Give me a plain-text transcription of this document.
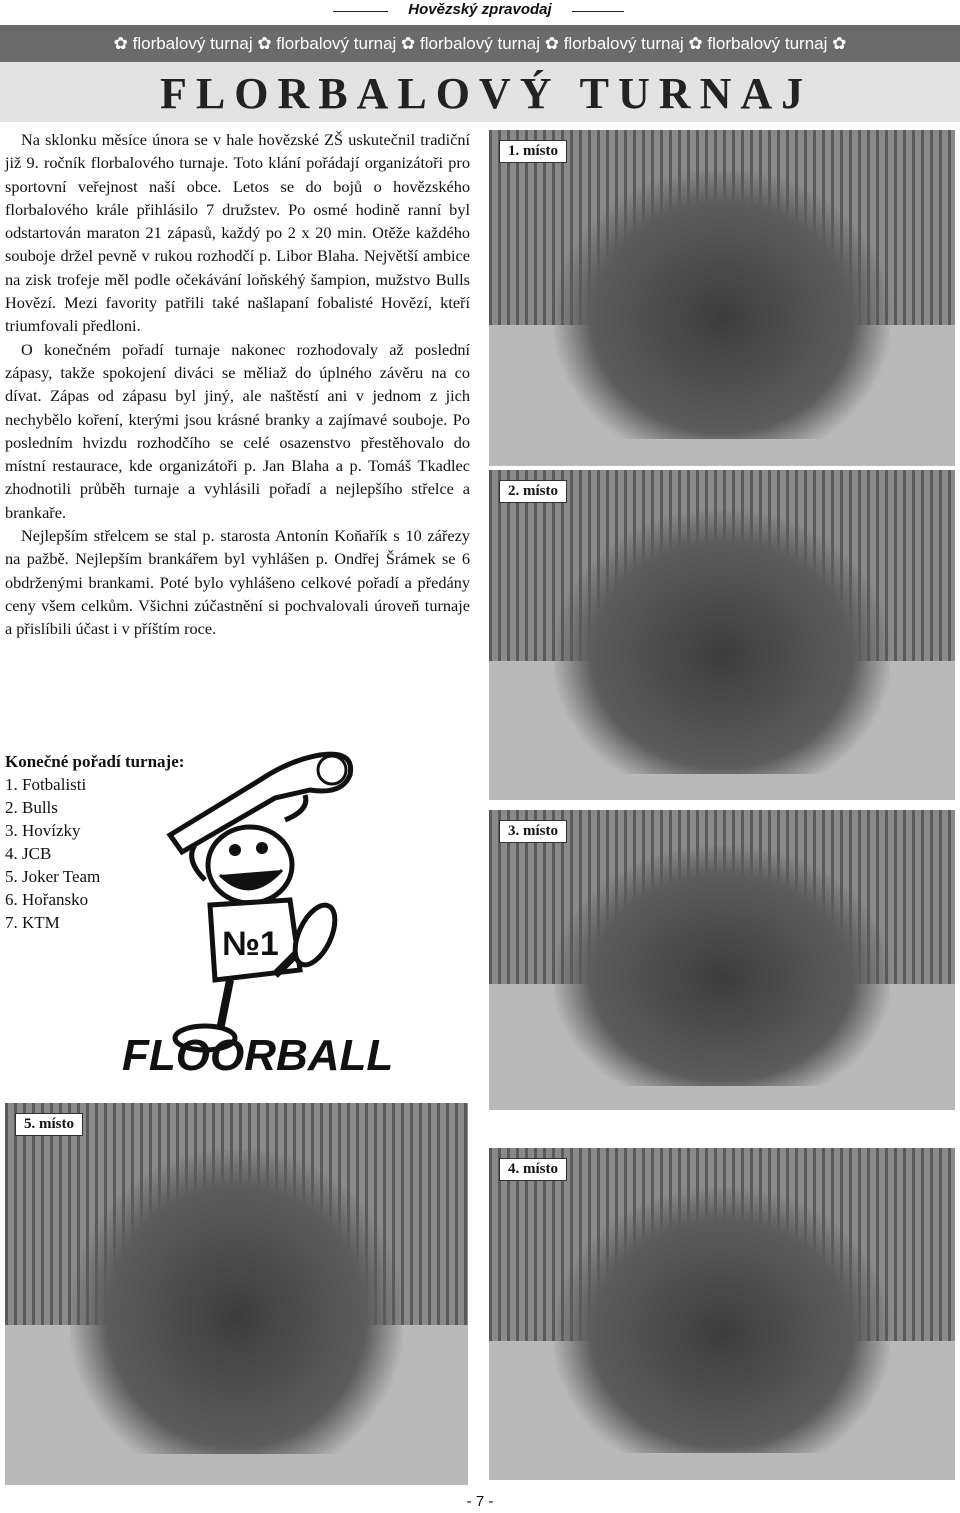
Hovězský zpravodaj
✿ florbalový turnaj ✿ florbalový turnaj ✿ florbalový turnaj ✿ florbalový turnaj ✿ florbalový turnaj ✿
FLORBALOVÝ TURNAJ

Na sklonku měsíce února se v hale hovězské ZŠ uskutečnil tradiční již 9. ročník florbalového turnaje. Toto klání pořádají organizátoři pro sportovní veřejnost naší obce. Letos se do bojů o hovězského florbalového krále přihlásilo 7 družstev. Po osmé hodině ranní byl odstartován maraton 21 zápasů, každý po 2 x 20 min. Otěže každého souboje držel pevně v rukou rozhodčí p. Libor Blaha. Největší ambice na zisk trofeje měl podle očekávání loňskéhý šampion, mužstvo Bulls Hovězí. Mezi favority patřili také našlapaní fobalisté Hovězí, kteří triumfovali předloni.

O konečném pořadí turnaje nakonec rozhodovaly až poslední zápasy, takže spokojení diváci se měliaž do úplného závěru na co dívat. Zápas od zápasu byl jiný, ale naštěstí ani v jednom z jich nechybělo koření, kterými jsou krásné branky a zajímavé souboje. Po posledním hvizdu rozhodčího se celé osazenstvo přestěhovalo do místní restaurace, kde organizátoři p. Jan Blaha a p. Tomáš Tkadlec zhodnotili průběh turnaje a vyhlásili pořadí a nejlepšího střelce a brankaře.

Nejlepším střelcem se stal p. starosta Antonín Koňařík s 10 zářezy na pažbě. Nejlepším brankářem byl vyhlášen p. Ondřej Šrámek se 6 obdrženými brankami. Poté bylo vyhlášeno celkové pořadí a předány ceny všem celkům. Všichni zúčastnění si pochvalovali úroveň turnaje a přislíbili účast i v příštím roce.

Konečné pořadí turnaje:
1. Fotbalisti
2. Bulls
3. Hovízky
4. JCB
5. Joker Team
6. Hořansko
7. KTM
№1
FLOORBALL
1. místo
2. místo
3. místo
5. místo
4. místo
- 7 -
